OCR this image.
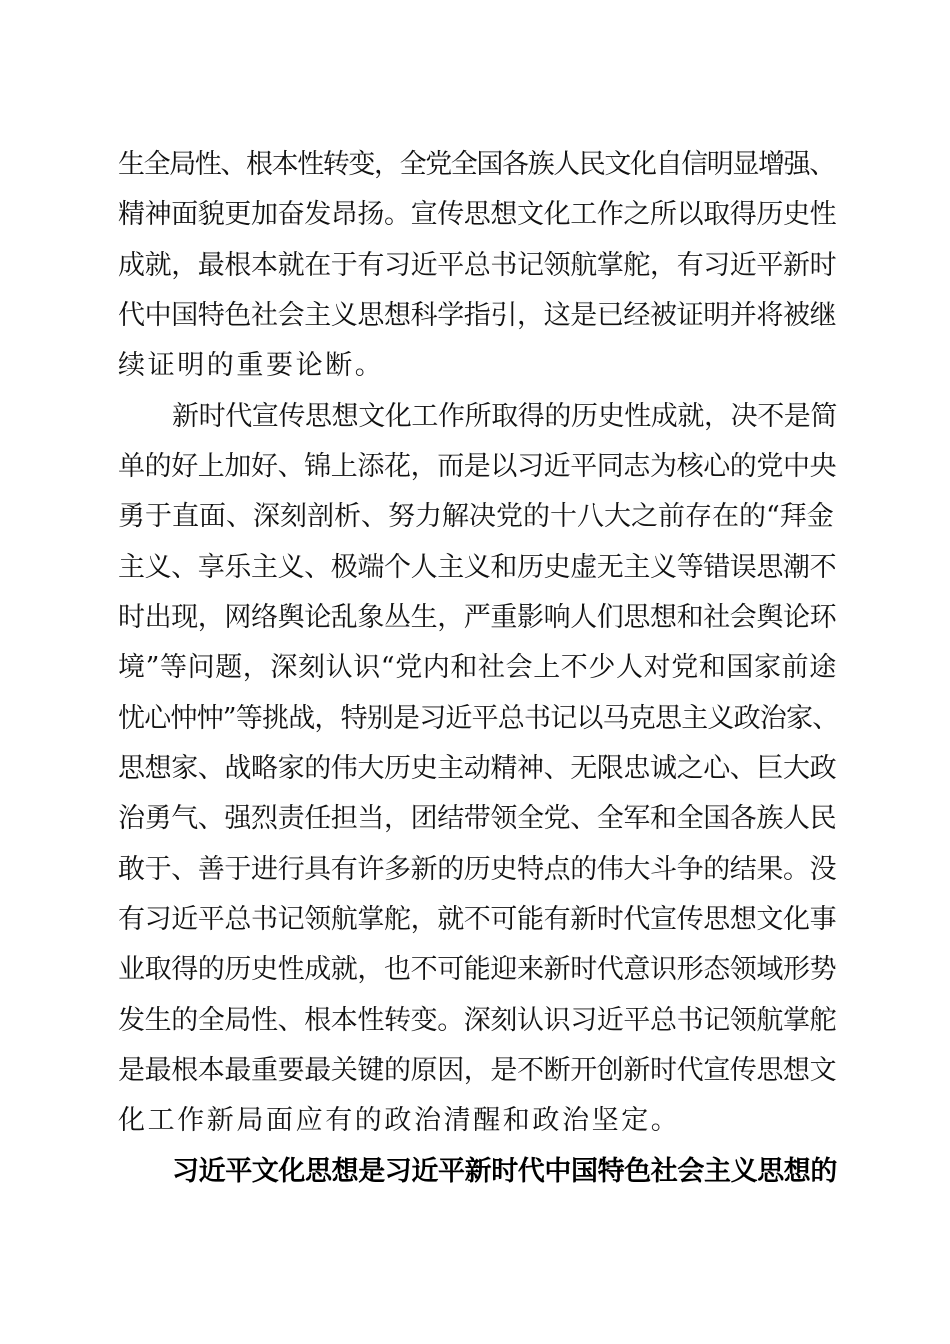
生全局性、根本性转变，全党全国各族人民文化自信明显增强、
精神面貌更加奋发昂扬。宣传思想文化工作之所以取得历史性
成就，最根本就在于有习近平总书记领航掌舵，有习近平新时
代中国特色社会主义思想科学指引，这是已经被证明并将被继
续证明的重要论断。
新时代宣传思想文化工作所取得的历史性成就，决不是简
单的好上加好、锦上添花，而是以习近平同志为核心的党中央
勇于直面、深刻剖析、努力解决党的十八大之前存在的“拜金
主义、享乐主义、极端个人主义和历史虚无主义等错误思潮不
时出现，网络舆论乱象丛生，严重影响人们思想和社会舆论环
境”等问题，深刻认识“党内和社会上不少人对党和国家前途
忧心忡忡”等挑战，特别是习近平总书记以马克思主义政治家、
思想家、战略家的伟大历史主动精神、无限忠诚之心、巨大政
治勇气、强烈责任担当，团结带领全党、全军和全国各族人民
敢于、善于进行具有许多新的历史特点的伟大斗争的结果。没
有习近平总书记领航掌舵，就不可能有新时代宣传思想文化事
业取得的历史性成就，也不可能迎来新时代意识形态领域形势
发生的全局性、根本性转变。深刻认识习近平总书记领航掌舵
是最根本最重要最关键的原因，是不断开创新时代宣传思想文
化工作新局面应有的政治清醒和政治坚定。
习近平文化思想是习近平新时代中国特色社会主义思想的
